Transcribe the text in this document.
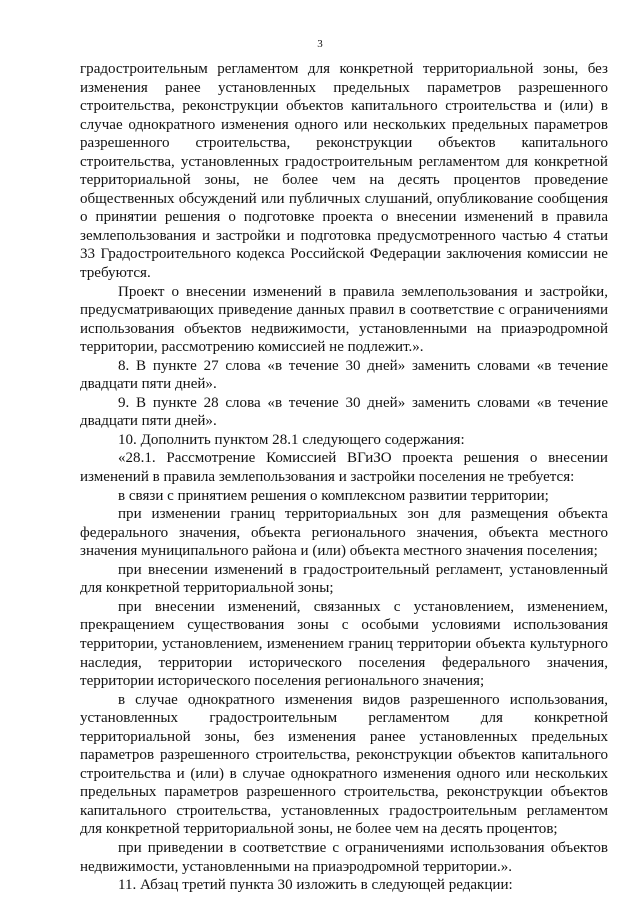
3

градостроительным регламентом для конкретной территориальной зоны, без изменения ранее установленных предельных параметров разрешенного строительства, реконструкции объектов капитального строительства и (или) в случае однократного изменения одного или нескольких предельных параметров разрешенного строительства, реконструкции объектов капитального строительства, установленных градостроительным регламентом для конкретной территориальной зоны, не более чем на десять процентов проведение общественных обсуждений или публичных слушаний, опубликование сообщения о принятии решения о подготовке проекта о внесении изменений в правила землепользования и застройки и подготовка предусмотренного частью 4 статьи 33 Градостроительного кодекса Российской Федерации заключения комиссии не требуются.

Проект о внесении изменений в правила землепользования и застройки, предусматривающих приведение данных правил в соответствие с ограничениями использования объектов недвижимости, установленными на приаэродромной территории, рассмотрению комиссией не подлежит.».

8. В пункте 27 слова «в течение 30 дней» заменить словами «в течение двадцати пяти дней».

9. В пункте 28 слова «в течение 30 дней» заменить словами «в течение двадцати пяти дней».

10. Дополнить пунктом 28.1 следующего содержания:

«28.1. Рассмотрение Комиссией ВГиЗО проекта решения о внесении изменений в правила землепользования и застройки поселения не требуется:

в связи с принятием решения о комплексном развитии территории;

при изменении границ территориальных зон для размещения объекта федерального значения, объекта регионального значения, объекта местного значения муниципального района и (или) объекта местного значения поселения;

при внесении изменений в градостроительный регламент, установленный для конкретной территориальной зоны;

при внесении изменений, связанных с установлением, изменением, прекращением существования зоны с особыми условиями использования территории, установлением, изменением границ территории объекта культурного наследия, территории исторического поселения федерального значения, территории исторического поселения регионального значения;

в случае однократного изменения видов разрешенного использования, установленных градостроительным регламентом для конкретной территориальной зоны, без изменения ранее установленных предельных параметров разрешенного строительства, реконструкции объектов капитального строительства и (или) в случае однократного изменения одного или нескольких предельных параметров разрешенного строительства, реконструкции объектов капитального строительства, установленных градостроительным регламентом для конкретной территориальной зоны, не более чем на десять процентов;

при приведении в соответствие с ограничениями использования объектов недвижимости, установленными на приаэродромной территории.».

11. Абзац третий пункта 30 изложить в следующей редакции:
